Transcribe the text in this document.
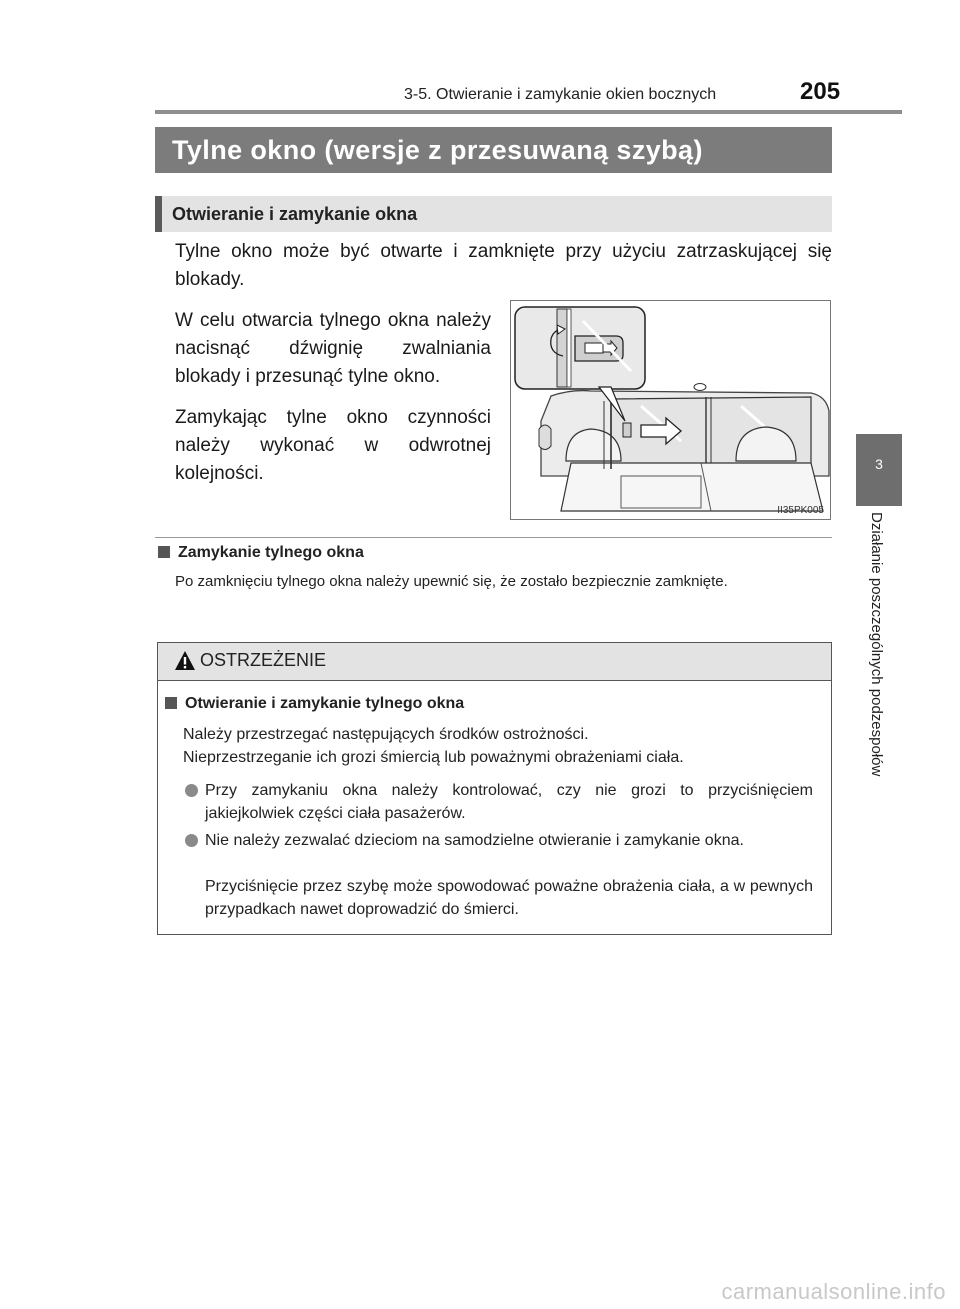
3-5. Otwieranie i zamykanie okien bocznych	205
3
Działanie poszczególnych podzespołów
Tylne okno (wersje z przesuwaną szybą)
Otwieranie i zamykanie okna

Tylne okno może być otwarte i zamknięte przy użyciu zatrzaskującej się blokady.

W celu otwarcia tylnego okna należy nacisnąć dźwignię zwalniania blokady i przesunąć tylne okno.

Zamykając tylne okno czynności należy wykonać w odwrotnej kolejności.

II35PK005
Zamykanie tylnego okna

Po zamknięciu tylnego okna należy upewnić się, że zostało bezpiecznie zamknięte.

OSTRZEŻENIE
Otwieranie i zamykanie tylnego okna

Należy przestrzegać następujących środków ostrożności.

Nieprzestrzeganie ich grozi śmiercią lub poważnymi obrażeniami ciała.

Przy zamykaniu okna należy kontrolować, czy nie grozi to przyciśnięciem jakiejkolwiek części ciała pasażerów.

Nie należy zezwalać dzieciom na samodzielne otwieranie i zamykanie okna.

Przyciśnięcie przez szybę może spowodować poważne obrażenia ciała, a w pewnych przypadkach nawet doprowadzić do śmierci.

carmanualsonline.info
